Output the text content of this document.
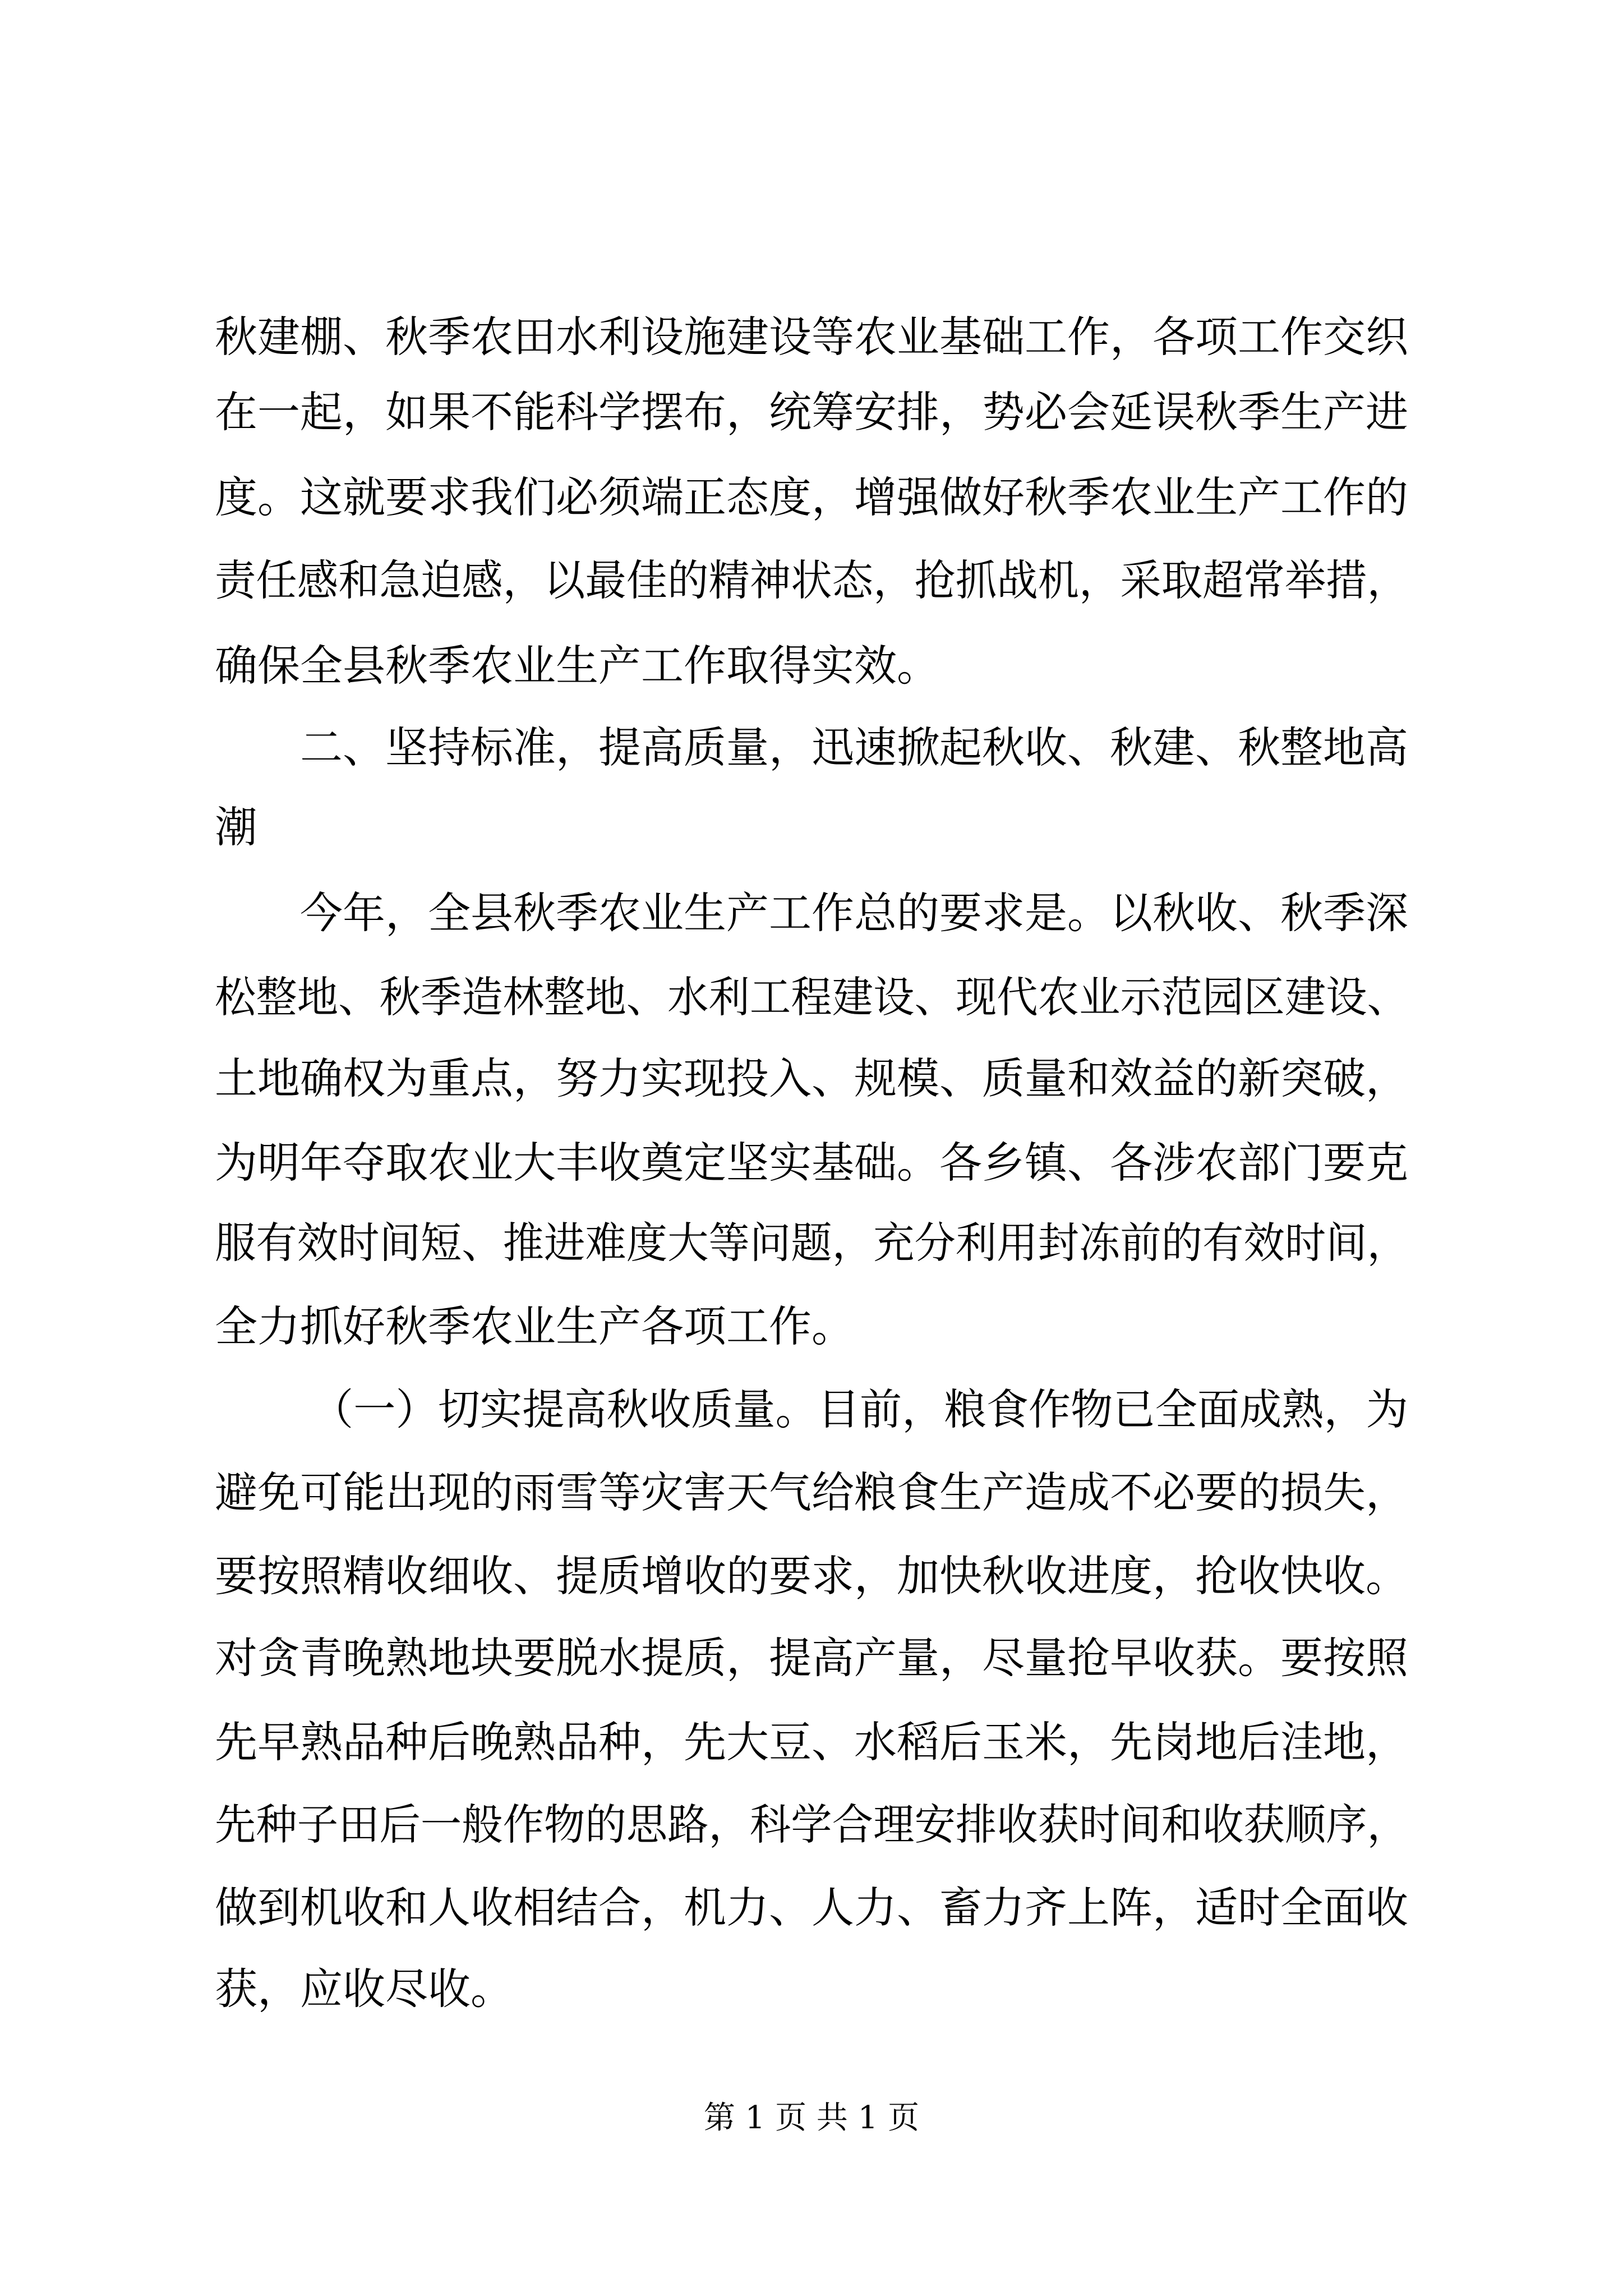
秋建棚、秋季农田水利设施建设等农业基础工作，各项工作交织
在一起，如果不能科学摆布，统筹安排，势必会延误秋季生产进
度。这就要求我们必须端正态度，增强做好秋季农业生产工作的
责任感和急迫感，以最佳的精神状态，抢抓战机，采取超常举措，
确保全县秋季农业生产工作取得实效。
二、坚持标准，提高质量，迅速掀起秋收、秋建、秋整地高
潮
今年，全县秋季农业生产工作总的要求是。以秋收、秋季深
松整地、秋季造林整地、水利工程建设、现代农业示范园区建设、
土地确权为重点，努力实现投入、规模、质量和效益的新突破，
为明年夺取农业大丰收奠定坚实基础。各乡镇、各涉农部门要克
服有效时间短、推进难度大等问题，充分利用封冻前的有效时间，
全力抓好秋季农业生产各项工作。
（一）切实提高秋收质量。目前，粮食作物已全面成熟，为
避免可能出现的雨雪等灾害天气给粮食生产造成不必要的损失，
要按照精收细收、提质增收的要求，加快秋收进度，抢收快收。
对贪青晚熟地块要脱水提质，提高产量，尽量抢早收获。要按照
先早熟品种后晚熟品种，先大豆、水稻后玉米，先岗地后洼地，
先种子田后一般作物的思路，科学合理安排收获时间和收获顺序，
做到机收和人收相结合，机力、人力、畜力齐上阵，适时全面收
获，应收尽收。
第 1 页 共 1 页
